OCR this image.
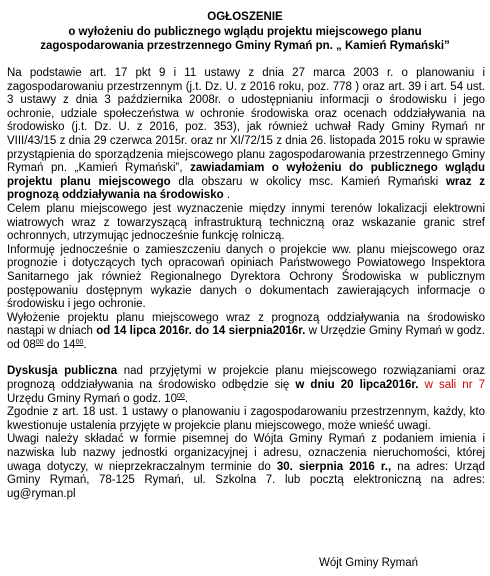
OGŁOSZENIE
o wyłożeniu do publicznego wglądu projektu miejscowego planu
zagospodarowania przestrzennego Gminy Rymań pn. „ Kamień Rymański”

Na podstawie art. 17 pkt 9 i 11 ustawy z dnia 27 marca 2003 r. o planowaniu i zagospodarowaniu przestrzennym (j.t. Dz. U. z 2016 roku, poz. 778 ) oraz art. 39 i art. 54 ust. 3 ustawy z dnia 3 października 2008r. o udostępnianiu informacji o środowisku i jego ochronie, udziale społeczeństwa w ochronie środowiska oraz ocenach oddziaływania na środowisko (j.t. Dz. U. z 2016, poz. 353), jak również uchwał Rady Gminy Rymań nr VIII/43/15 z dnia 29 czerwca 2015r. oraz nr XI/72/15 z dnia 26. listopada 2015 roku w sprawie przystąpienia do sporządzenia miejscowego planu zagospodarowania przestrzennego Gminy Rymań pn. „Kamień Rymański”, zawiadamiam o wyłożeniu do publicznego wglądu projektu planu miejscowego dla obszaru w okolicy msc. Kamień Rymański wraz z prognozą oddziaływania na środowisko .

Celem planu miejscowego jest wyznaczenie między innymi terenów lokalizacji elektrowni wiatrowych wraz z towarzyszącą infrastrukturą techniczną oraz wskazanie granic stref ochronnych, utrzymując jednocześnie funkcję rolniczą.

Informuję jednocześnie o zamieszczeniu danych o projekcie ww. planu miejscowego oraz prognozie i dotyczących tych opracowań opiniach Państwowego Powiatowego Inspektora Sanitarnego jak również Regionalnego Dyrektora Ochrony Środowiska w publicznym postępowaniu dostępnym wykazie danych o dokumentach zawierających informacje o środowisku i jego ochronie.

Wyłożenie projektu planu miejscowego wraz z prognozą oddziaływania na środowisko nastąpi w dniach od 14 lipca 2016r. do 14 sierpnia2016r. w Urzędzie Gminy Rymań w godz. od $08^{00}$ do $14^{00}$.

Dyskusja publiczna nad przyjętymi w projekcie planu miejscowego rozwiązaniami oraz prognozą oddziaływania na środowisko odbędzie się w dniu 20 lipca2016r. w sali nr 7 Urzędu Gminy Rymań o godz. $10^{00}$.

Zgodnie z art. 18 ust. 1 ustawy o planowaniu i zagospodarowaniu przestrzennym, każdy, kto kwestionuje ustalenia przyjęte w projekcie planu miejscowego, może wnieść uwagi.

Uwagi należy składać w formie pisemnej do Wójta Gminy Rymań z podaniem imienia i nazwiska lub nazwy jednostki organizacyjnej i adresu, oznaczenia nieruchomości, której uwaga dotyczy, w nieprzekraczalnym terminie do 30. sierpnia 2016 r., na adres: Urząd Gminy Rymań, 78-125 Rymań, ul. Szkolna 7. lub pocztą elektroniczną na adres: ug@ryman.pl

Wójt Gminy Rymań
